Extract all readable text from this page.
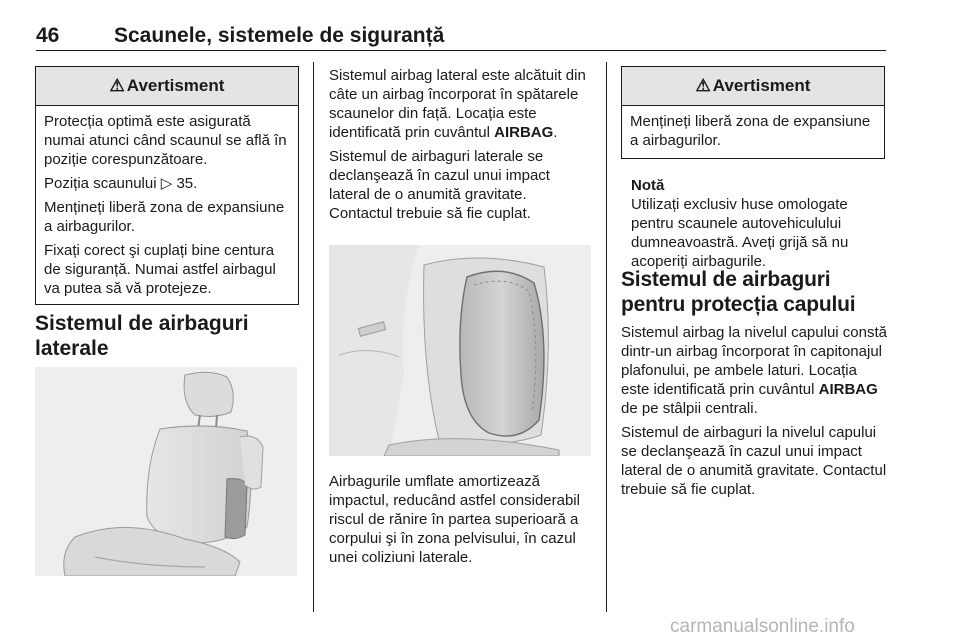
46	Scaunele, sistemele de siguranță
⚠ Avertisment

Protecția optimă este asigurată numai atunci când scaunul se află în poziție corespunzătoare.

Poziția scaunului ▷ 35.

Mențineți liberă zona de expansiune a airbagurilor.

Fixați corect şi cuplați bine centura de siguranță. Numai astfel airbagul va putea să vă protejeze.

Sistemul de airbaguri laterale

Sistemul airbag lateral este alcătuit din câte un airbag încorporat în spătarele scaunelor din față. Locația este identificată prin cuvântul AIRBAG.

Sistemul de airbaguri laterale se declanşează în cazul unui impact lateral de o anumită gravitate. Contactul trebuie să fie cuplat.

Airbagurile umflate amortizează impactul, reducând astfel considerabil riscul de rănire în partea superioară a corpului şi în zona pelvisului, în cazul unei coliziuni laterale.

⚠ Avertisment

Mențineți liberă zona de expansiune a airbagurilor.

Notă

Utilizați exclusiv huse omologate pentru scaunele autovehiculului dumneavoastră. Aveți grijă să nu acoperiți airbagurile.

Sistemul de airbaguri pentru protecția capului

Sistemul airbag la nivelul capului constă dintr-un airbag încorporat în capitonajul plafonului, pe ambele laturi. Locația este identificată prin cuvântul AIRBAG de pe stâlpii centrali.

Sistemul de airbaguri la nivelul capului se declanşează în cazul unui impact lateral de o anumită gravitate. Contactul trebuie să fie cuplat.

carmanualsonline.info
